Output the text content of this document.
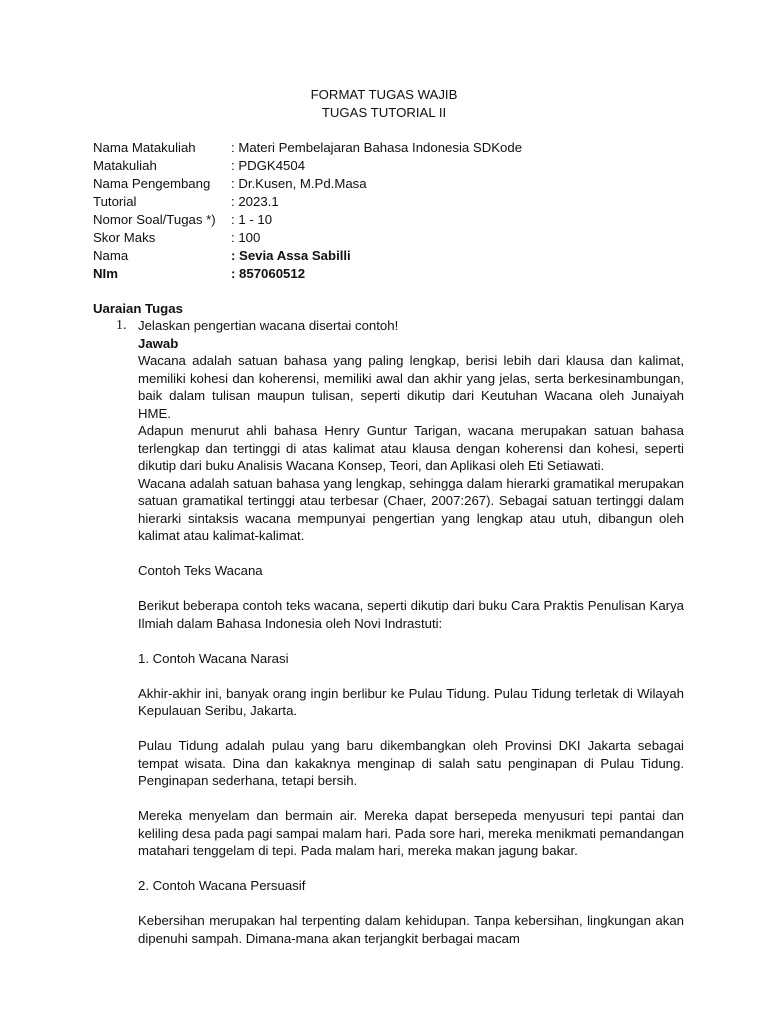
FORMAT TUGAS WAJIB
TUGAS TUTORIAL II
Nama Matakuliah	: Materi Pembelajaran Bahasa Indonesia SDKode
Matakuliah	: PDGK4504
Nama Pengembang : Dr.Kusen, M.Pd.Masa
Tutorial	: 2023.1
Nomor Soal/Tugas *) : 1 - 10
Skor Maks	: 100
Nama	: Sevia Assa Sabilli
NIm	: 857060512
Uaraian Tugas
1. Jelaskan pengertian wacana disertai contoh!

Jawab

Wacana adalah satuan bahasa yang paling lengkap, berisi lebih dari klausa dan kalimat, memiliki kohesi dan koherensi, memiliki awal dan akhir yang jelas, serta berkesinambungan, baik dalam tulisan maupun tulisan, seperti dikutip dari Keutuhan Wacana oleh Junaiyah HME.

Adapun menurut ahli bahasa Henry Guntur Tarigan, wacana merupakan satuan bahasa terlengkap dan tertinggi di atas kalimat atau klausa dengan koherensi dan kohesi, seperti dikutip dari buku Analisis Wacana Konsep, Teori, dan Aplikasi oleh Eti Setiawati.

Wacana adalah satuan bahasa yang lengkap, sehingga dalam hierarki gramatikal merupakan satuan gramatikal tertinggi atau terbesar (Chaer, 2007:267). Sebagai satuan tertinggi dalam hierarki sintaksis wacana mempunyai pengertian yang lengkap atau utuh, dibangun oleh kalimat atau kalimat-kalimat.

Contoh Teks Wacana

Berikut beberapa contoh teks wacana, seperti dikutip dari buku Cara Praktis Penulisan Karya Ilmiah dalam Bahasa Indonesia oleh Novi Indrastuti:

1. Contoh Wacana Narasi

Akhir-akhir ini, banyak orang ingin berlibur ke Pulau Tidung. Pulau Tidung terletak di Wilayah Kepulauan Seribu, Jakarta.

Pulau Tidung adalah pulau yang baru dikembangkan oleh Provinsi DKI Jakarta sebagai tempat wisata. Dina dan kakaknya menginap di salah satu penginapan di Pulau Tidung. Penginapan sederhana, tetapi bersih.

Mereka menyelam dan bermain air. Mereka dapat bersepeda menyusuri tepi pantai dan keliling desa pada pagi sampai malam hari. Pada sore hari, mereka menikmati pemandangan matahari tenggelam di tepi. Pada malam hari, mereka makan jagung bakar.

2. Contoh Wacana Persuasif

Kebersihan merupakan hal terpenting dalam kehidupan. Tanpa kebersihan, lingkungan akan dipenuhi sampah. Dimana-mana akan terjangkit berbagai macam
